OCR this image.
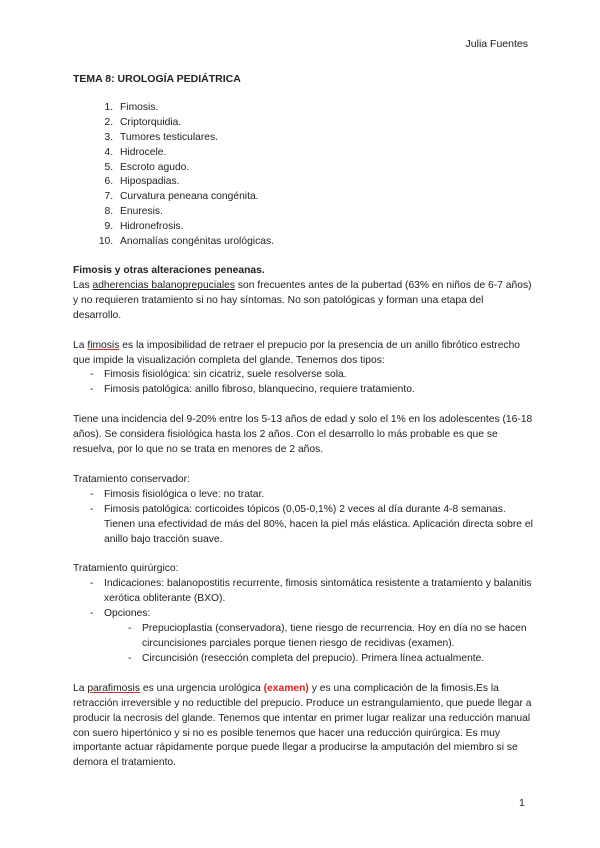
Julia Fuentes
TEMA 8: UROLOGÍA PEDIÁTRICA
1. Fimosis.
2. Criptorquidia.
3. Tumores testiculares.
4. Hidrocele.
5. Escroto agudo.
6. Hipospadias.
7. Curvatura peneana congénita.
8. Enuresis.
9. Hidronefrosis.
10. Anomalías congénitas urológicas.
Fimosis y otras alteraciones peneanas.

Las adherencias balanoprepuciales son frecuentes antes de la pubertad (63% en niños de 6-7 años) y no requieren tratamiento si no hay síntomas. No son patológicas y forman una etapa del desarrollo.

La fimosis es la imposibilidad de retraer el prepucio por la presencia de un anillo fibrótico estrecho que impide la visualización completa del glande. Tenemos dos tipos:

- Fimosis fisiológica: sin cicatriz, suele resolverse sola.
- Fimosis patológica: anillo fibroso, blanquecino, requiere tratamiento.

Tiene una incidencia del 9-20% entre los 5-13 años de edad y solo el 1% en los adolescentes (16-18 años). Se considera fisiológica hasta los 2 años. Con el desarrollo lo más probable es que se resuelva, por lo que no se trata en menores de 2 años.

Tratamiento conservador:

- Fimosis fisiológica o leve: no tratar.
- Fimosis patológica: corticoides tópicos (0,05-0,1%) 2 veces al día durante 4-8 semanas. Tienen una efectividad de más del 80%, hacen la piel más elástica. Aplicación directa sobre el anillo bajo tracción suave.

Tratamiento quirúrgico:

- Indicaciones: balanopostitis recurrente, fimosis sintomática resistente a tratamiento y balanitis xerótica obliterante (BXO).
- Opciones:
- Prepucioplastia (conservadora), tiene riesgo de recurrencia. Hoy en día no se hacen circuncisiones parciales porque tienen riesgo de recidivas (examen).
- Circuncisión (resección completa del prepucio). Primera línea actualmente.

La parafimosis es una urgencia urológica (examen) y es una complicación de la fimosis.Es la retracción irreversible y no reductible del prepucio. Produce un estrangulamiento, que puede llegar a producir la necrosis del glande. Tenemos que intentar en primer lugar realizar una reducción manual con suero hipertónico y si no es posible tenemos que hacer una reducción quirúrgica. Es muy importante actuar rápidamente porque puede llegar a producirse la amputación del miembro si se demora el tratamiento.

1
